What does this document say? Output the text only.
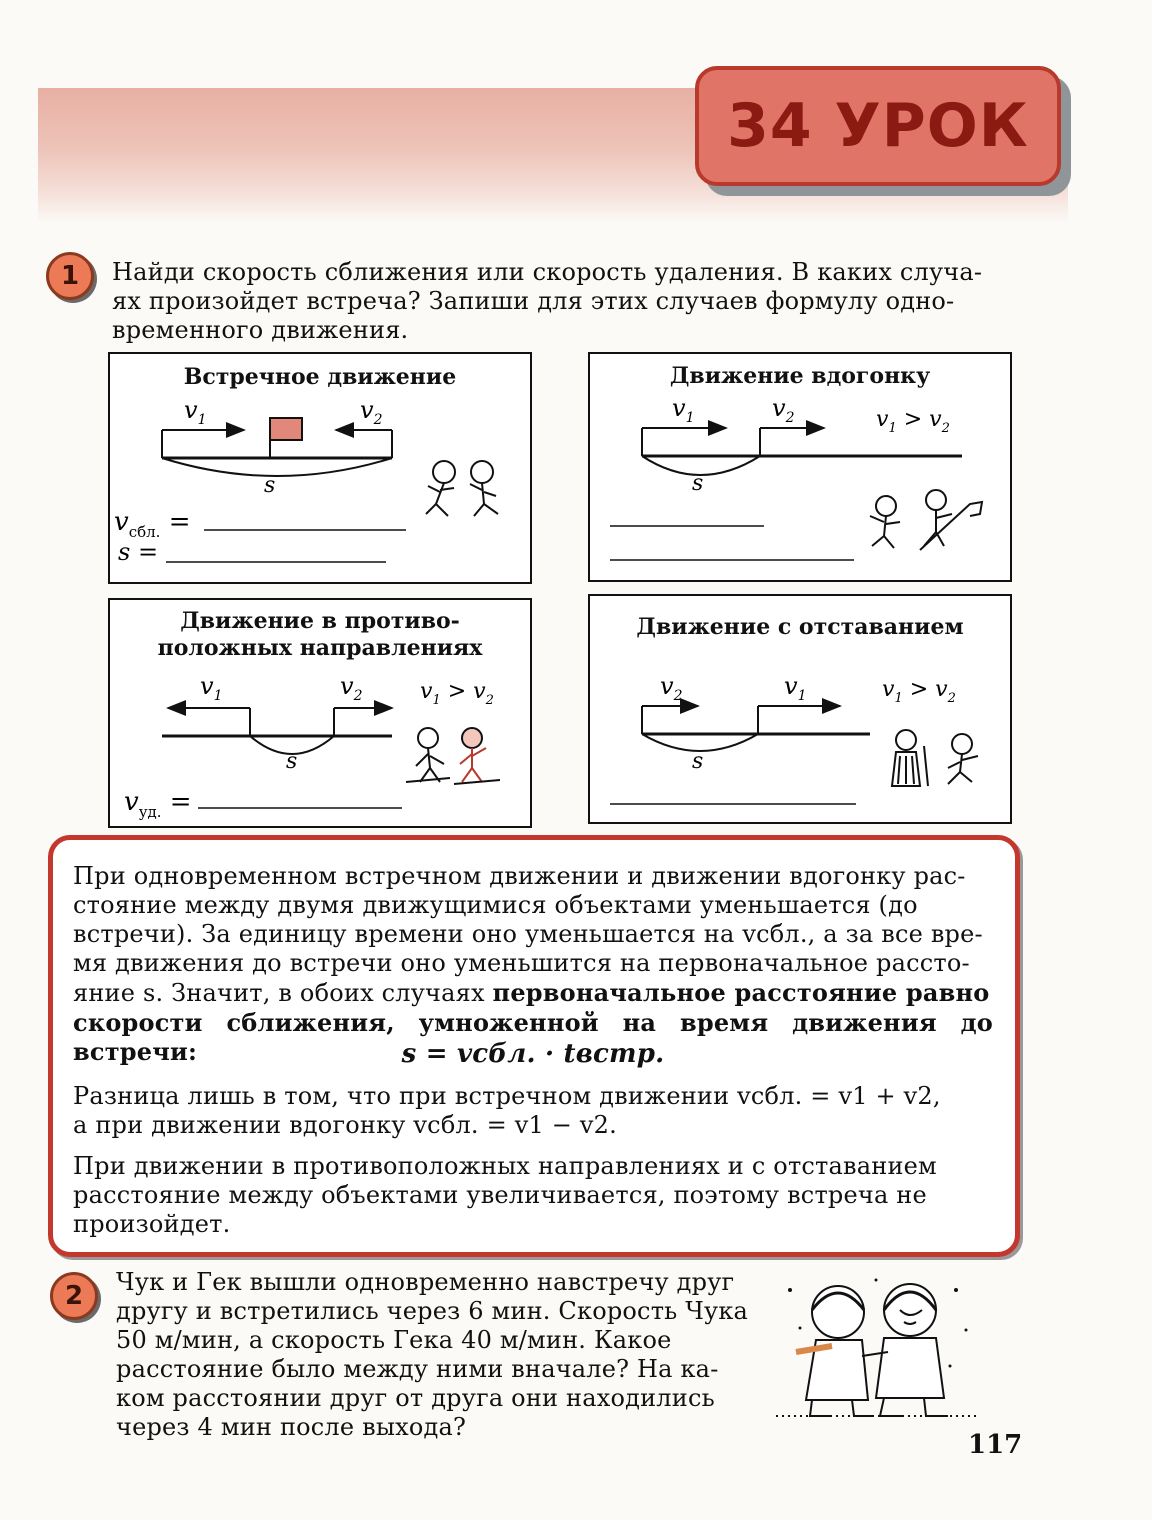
34 УРОК
1	Найди скорость сближения или скорость удаления. В каких случа-
ях произойдет встреча? Запиши для этих случаев формулу одно-
временного движения.
Встречное движение
$v_1$	$v_2$
s
$v_{сбл.}$ =
s =
Движение вдогонку
$v_1$	$v_2$	$v_1 > v_2$
s
Движение в противо-
положных направлениях
$v_1$	$v_2$	$v_1 > v_2$
s
$v_{уд.}$ =
Движение с отставанием
$v_2$	$v_1$	$v_1 > v_2$
s
При одновременном встречном движении и движении вдогонку рас-
стояние между двумя движущимися объектами уменьшается (до
встречи). За единицу времени оно уменьшается на vсбл., а за все вре-
мя движения до встречи оно уменьшится на первоначальное рассто-
яние s. Значит, в обоих случаях первоначальное расстояние равно
скорости сближения, умноженной на время движения до встречи:	s = vсбл. · tвстр.
Разница лишь в том, что при встречном движении vсбл. = v1 + v2,
а при движении вдогонку vсбл. = v1 − v2.
При движении в противоположных направлениях и с отставанием
расстояние между объектами увеличивается, поэтому встреча не
произойдет.
2	Чук и Гек вышли одновременно навстречу друг
другу и встретились через 6 мин. Скорость Чука
50 м/мин, а скорость Гека 40 м/мин. Какое
расстояние было между ними вначале? На ка-
ком расстоянии друг от друга они находились
через 4 мин после выхода?
117
